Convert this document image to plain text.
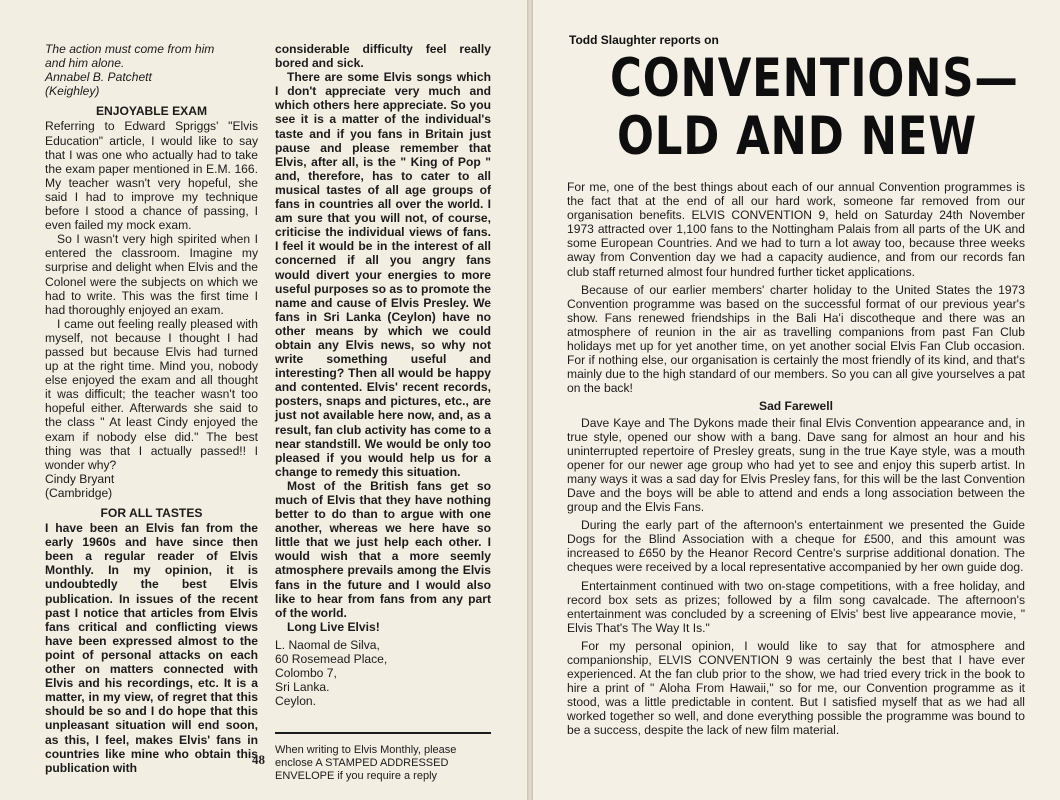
The action must come from him

and him alone.

Annabel B. Patchett

(Keighley)

ENJOYABLE EXAM

Referring to Edward Spriggs' "Elvis Education" article, I would like to say that I was one who actually had to take the exam paper mentioned in E.M. 166. My teacher wasn't very hopeful, she said I had to improve my technique before I stood a chance of passing, I even failed my mock exam.

So I wasn't very high spirited when I entered the classroom. Imagine my surprise and delight when Elvis and the Colonel were the subjects on which we had to write. This was the first time I had thoroughly enjoyed an exam.

I came out feeling really pleased with myself, not because I thought I had passed but because Elvis had turned up at the right time. Mind you, nobody else enjoyed the exam and all thought it was difficult; the teacher wasn't too hopeful either. Afterwards she said to the class " At least Cindy enjoyed the exam if nobody else did." The best thing was that I actually passed!! I wonder why?

Cindy Bryant

(Cambridge)

FOR ALL TASTES

I have been an Elvis fan from the early 1960s and have since then been a regular reader of Elvis Monthly. In my opinion, it is undoubtedly the best Elvis publication. In issues of the recent past I notice that articles from Elvis fans critical and conflicting views have been expressed almost to the point of personal attacks on each other on matters connected with Elvis and his recordings, etc. It is a matter, in my view, of regret that this should be so and I do hope that this unpleasant situation will end soon, as this, I feel, makes Elvis' fans in countries like mine who obtain this publication with

considerable difficulty feel really bored and sick.

There are some Elvis songs which I don't appreciate very much and which others here appreciate. So you see it is a matter of the individual's taste and if you fans in Britain just pause and please remember that Elvis, after all, is the " King of Pop " and, therefore, has to cater to all musical tastes of all age groups of fans in countries all over the world. I am sure that you will not, of course, criticise the individual views of fans. I feel it would be in the interest of all concerned if all you angry fans would divert your energies to more useful purposes so as to promote the name and cause of Elvis Presley. We fans in Sri Lanka (Ceylon) have no other means by which we could obtain any Elvis news, so why not write something useful and interesting? Then all would be happy and contented. Elvis' recent records, posters, snaps and pictures, etc., are just not available here now, and, as a result, fan club activity has come to a near standstill. We would be only too pleased if you would help us for a change to remedy this situation.

Most of the British fans get so much of Elvis that they have nothing better to do than to argue with one another, whereas we here have so little that we just help each other. I would wish that a more seemly atmosphere prevails among the Elvis fans in the future and I would also like to hear from fans from any part of the world.

Long Live Elvis!

L. Naomal de Silva,

60 Rosemead Place,

Colombo 7,

Sri Lanka.

Ceylon.

When writing to Elvis Monthly, please enclose A STAMPED ADDRESSED ENVELOPE if you require a reply

48
Todd Slaughter reports on
CONVENTIONS—
OLD AND NEW

For me, one of the best things about each of our annual Convention programmes is the fact that at the end of all our hard work, someone far removed from our organisation benefits. ELVIS CONVENTION 9, held on Saturday 24th November 1973 attracted over 1,100 fans to the Nottingham Palais from all parts of the UK and some European Countries. And we had to turn a lot away too, because three weeks away from Convention day we had a capacity audience, and from our records fan club staff returned almost four hundred further ticket applications.

Because of our earlier members' charter holiday to the United States the 1973 Convention programme was based on the successful format of our previous year's show. Fans renewed friendships in the Bali Ha'i discotheque and there was an atmosphere of reunion in the air as travelling companions from past Fan Club holidays met up for yet another time, on yet another social Elvis Fan Club occasion. For if nothing else, our organisation is certainly the most friendly of its kind, and that's mainly due to the high standard of our members. So you can all give yourselves a pat on the back!

Sad Farewell

Dave Kaye and The Dykons made their final Elvis Convention appearance and, in true style, opened our show with a bang. Dave sang for almost an hour and his uninterrupted repertoire of Presley greats, sung in the true Kaye style, was a mouth opener for our newer age group who had yet to see and enjoy this superb artist. In many ways it was a sad day for Elvis Presley fans, for this will be the last Convention Dave and the boys will be able to attend and ends a long association between the group and the Elvis Fans.

During the early part of the afternoon's entertainment we presented the Guide Dogs for the Blind Association with a cheque for £500, and this amount was increased to £650 by the Heanor Record Centre's surprise additional donation. The cheques were received by a local representative accompanied by her own guide dog.

Entertainment continued with two on-stage competitions, with a free holiday, and record box sets as prizes; followed by a film song cavalcade. The afternoon's entertainment was concluded by a screening of Elvis' best live appearance movie, " Elvis That's The Way It Is."

For my personal opinion, I would like to say that for atmosphere and companionship, ELVIS CONVENTION 9 was certainly the best that I have ever experienced. At the fan club prior to the show, we had tried every trick in the book to hire a print of " Aloha From Hawaii," so for me, our Convention programme as it stood, was a little predictable in content. But I satisfied myself that as we had all worked together so well, and done everything possible the programme was bound to be a success, despite the lack of new film material.
